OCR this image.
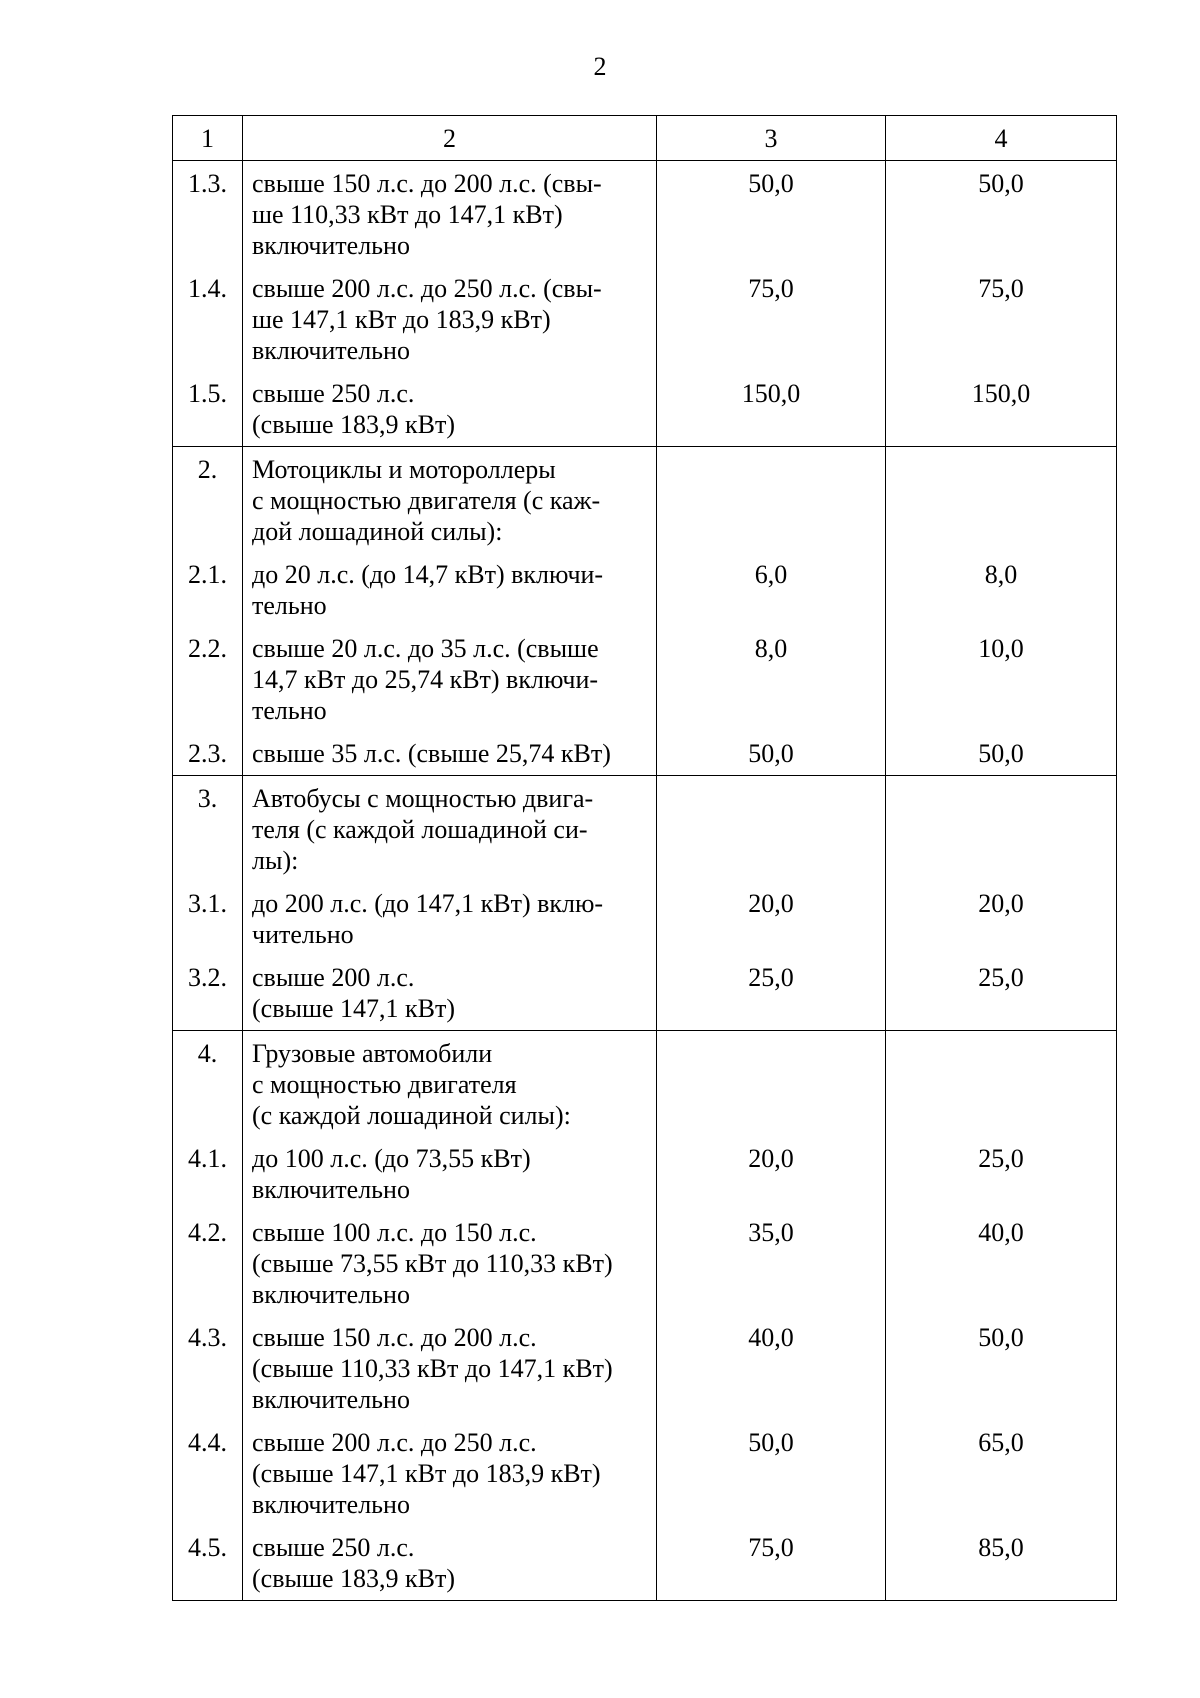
2
1	2	3	4
1.3.	свыше 150 л.с. до 200 л.с. (свы-
ше 110,33 кВт до 147,1 кВт)
включительно	50,0	50,0
1.4.	свыше 200 л.с. до 250 л.с. (свы-
ше 147,1 кВт до 183,9 кВт)
включительно	75,0	75,0
1.5.	свыше 250 л.с.
(свыше 183,9 кВт)	150,0	150,0
2.	Мотоциклы и мотороллеры
с мощностью двигателя (с каж-
дой лошадиной силы):		

2.1.	до 20 л.с. (до 14,7 кВт) включи-
тельно	6,0	8,0
2.2.	свыше 20 л.с. до 35 л.с. (свыше
14,7 кВт до 25,74 кВт) включи-
тельно	8,0	10,0
2.3.	свыше 35 л.с. (свыше 25,74 кВт)	50,0	50,0
3.	Автобусы с мощностью двига-
теля (с каждой лошадиной си-
лы):		

3.1.	до 200 л.с. (до 147,1 кВт) вклю-
чительно	20,0	20,0
3.2.	свыше 200 л.с.
(свыше 147,1 кВт)	25,0	25,0
4.	Грузовые автомобили
с мощностью двигателя
(с каждой лошадиной силы):		

4.1.	до 100 л.с. (до 73,55 кВт)
включительно	20,0	25,0
4.2.	свыше 100 л.с. до 150 л.с.
(свыше 73,55 кВт до 110,33 кВт)
включительно	35,0	40,0
4.3.	свыше 150 л.с. до 200 л.с.
(свыше 110,33 кВт до 147,1 кВт)
включительно	40,0	50,0
4.4.	свыше 200 л.с. до 250 л.с.
(свыше 147,1 кВт до 183,9 кВт)
включительно	50,0	65,0
4.5.	свыше 250 л.с.
(свыше 183,9 кВт)	75,0	85,0
